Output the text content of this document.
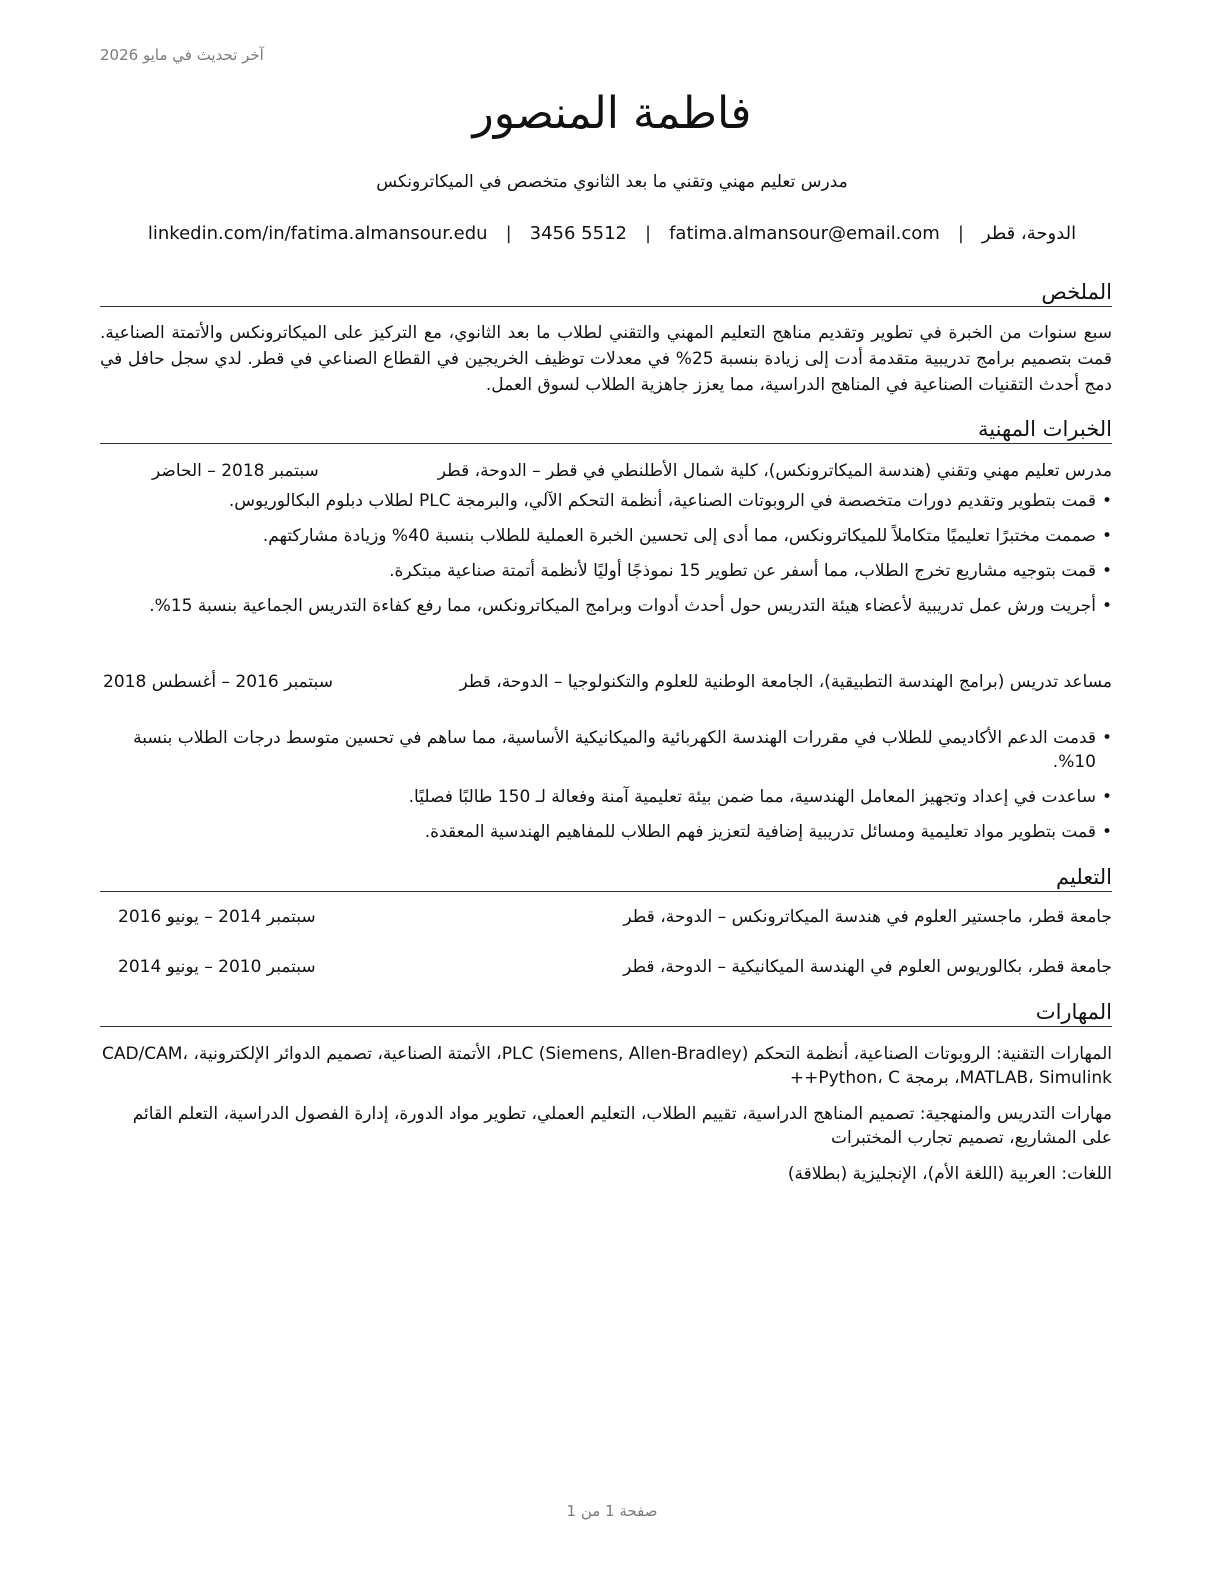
آخر تحديث في مايو 2026
فاطمة المنصور
مدرس تعليم مهني وتقني ما بعد الثانوي متخصص في الميكاترونكس
الدوحة، قطر
|
fatima.almansour@email.com
|
3456 5512
|
linkedin.com/in/fatima.almansour.edu
الملخص
سبع سنوات من الخبرة في تطوير وتقديم مناهج التعليم المهني والتقني لطلاب ما بعد الثانوي، مع التركيز على الميكاترونكس والأتمتة الصناعية. قمت بتصميم برامج تدريبية متقدمة أدت إلى زيادة بنسبة 25% في معدلات توظيف الخريجين في القطاع الصناعي في قطر. لدي سجل حافل في دمج أحدث التقنيات الصناعية في المناهج الدراسية، مما يعزز جاهزية الطلاب لسوق العمل.
الخبرات المهنية
مدرس تعليم مهني وتقني (هندسة الميكاترونكس)، كلية شمال الأطلنطي في قطر – الدوحة، قطر
سبتمبر 2018 – الحاضر
• قمت بتطوير وتقديم دورات متخصصة في الروبوتات الصناعية، أنظمة التحكم الآلي، والبرمجة PLC لطلاب دبلوم البكالوريوس.
• صممت مختبرًا تعليميًا متكاملاً للميكاترونكس، مما أدى إلى تحسين الخبرة العملية للطلاب بنسبة 40% وزيادة مشاركتهم.
• قمت بتوجيه مشاريع تخرج الطلاب، مما أسفر عن تطوير 15 نموذجًا أوليًا لأنظمة أتمتة صناعية مبتكرة.
• أجريت ورش عمل تدريبية لأعضاء هيئة التدريس حول أحدث أدوات وبرامج الميكاترونكس، مما رفع كفاءة التدريس الجماعية بنسبة 15%.
مساعد تدريس (برامج الهندسة التطبيقية)، الجامعة الوطنية للعلوم والتكنولوجيا – الدوحة، قطر
سبتمبر 2016 – أغسطس 2018
• قدمت الدعم الأكاديمي للطلاب في مقررات الهندسة الكهربائية والميكانيكية الأساسية، مما ساهم في تحسين متوسط درجات الطلاب بنسبة 10%.
• ساعدت في إعداد وتجهيز المعامل الهندسية، مما ضمن بيئة تعليمية آمنة وفعالة لـ 150 طالبًا فصليًا.
• قمت بتطوير مواد تعليمية ومسائل تدريبية إضافية لتعزيز فهم الطلاب للمفاهيم الهندسية المعقدة.
التعليم
جامعة قطر، ماجستير العلوم في هندسة الميكاترونكس – الدوحة، قطر
سبتمبر 2014 – يونيو 2016
جامعة قطر، بكالوريوس العلوم في الهندسة الميكانيكية – الدوحة، قطر
سبتمبر 2010 – يونيو 2014
المهارات
المهارات التقنية: الروبوتات الصناعية، أنظمة التحكم PLC (Siemens, Allen-Bradley)، الأتمتة الصناعية، تصميم الدوائر الإلكترونية، CAD/CAM، MATLAB، Simulink، برمجة Python، C++
مهارات التدريس والمنهجية: تصميم المناهج الدراسية، تقييم الطلاب، التعليم العملي، تطوير مواد الدورة، إدارة الفصول الدراسية، التعلم القائم على المشاريع، تصميم تجارب المختبرات
اللغات: العربية (اللغة الأم)، الإنجليزية (بطلاقة)
صفحة 1 من 1
